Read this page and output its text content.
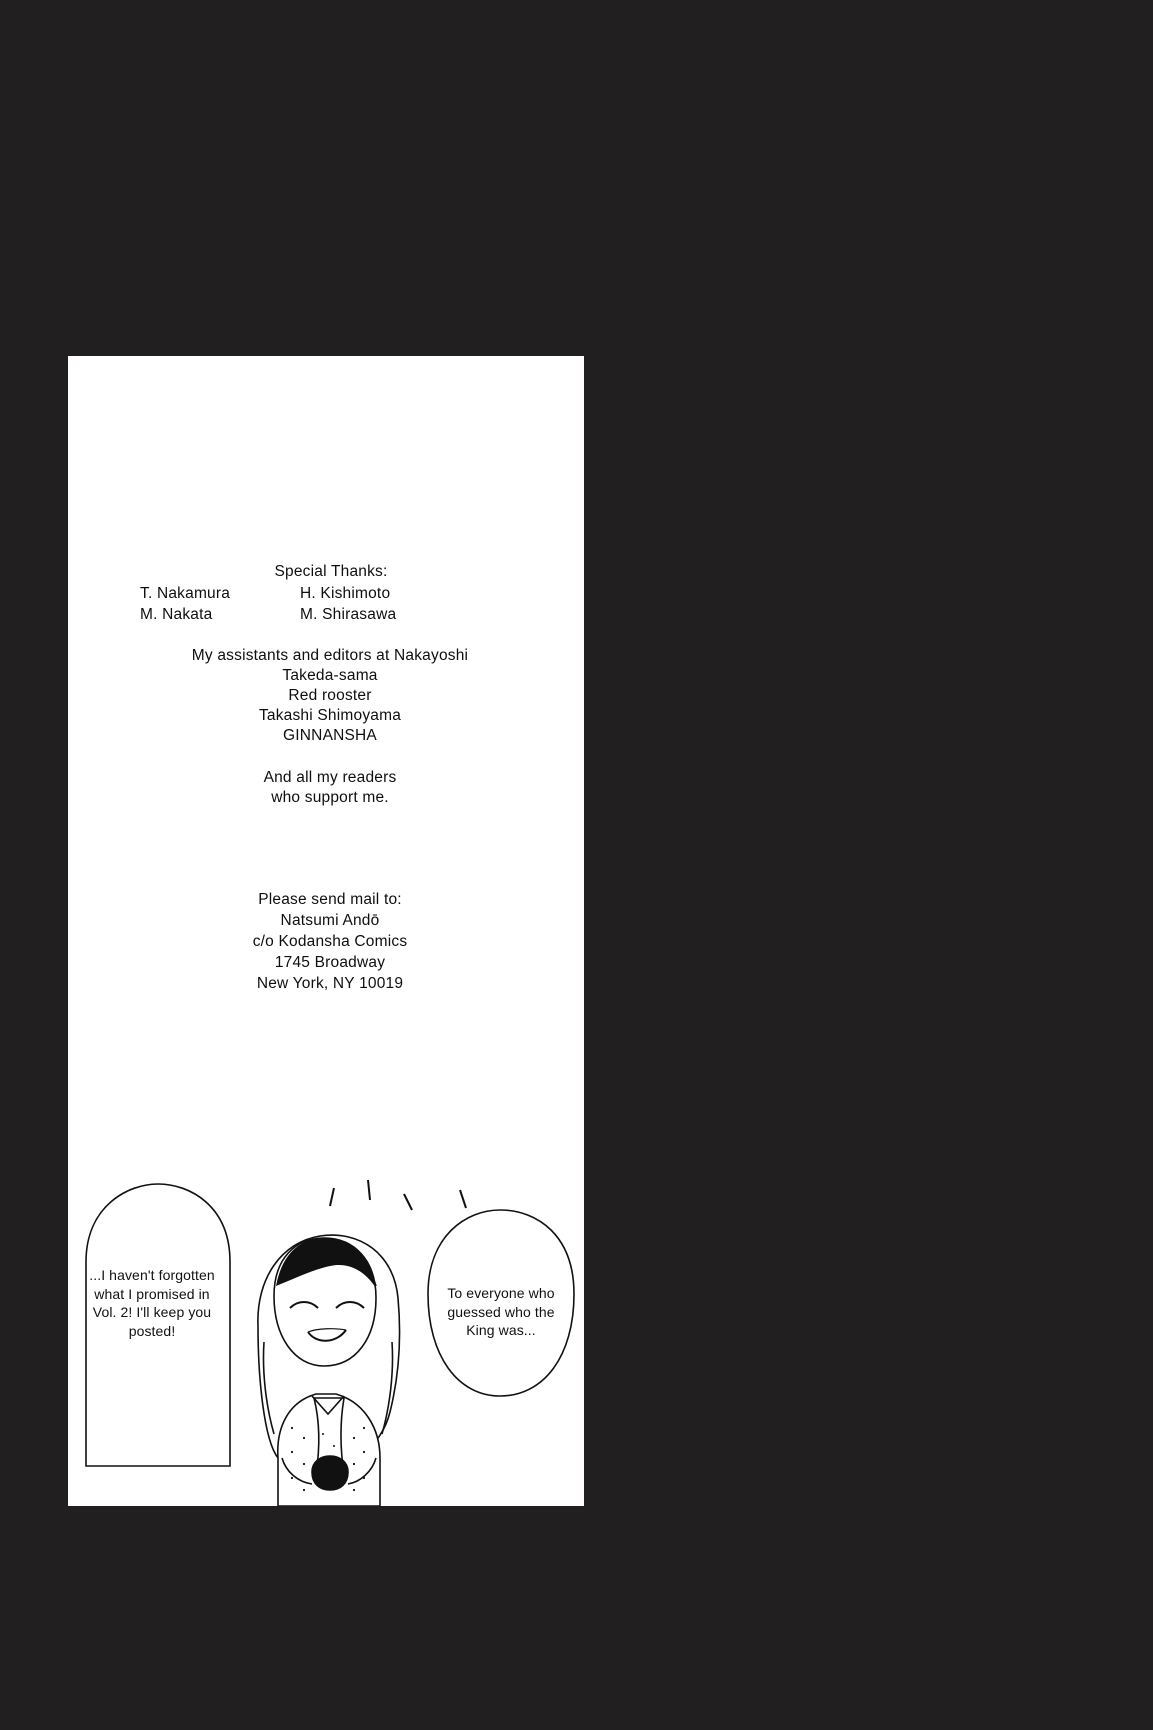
Special Thanks:
T. Nakamura	H. Kishimoto
M. Nakata	M. Shirasawa
My assistants and editors at Nakayoshi
Takeda-sama
Red rooster
Takashi Shimoyama
GINNANSHA
And all my readers
who support me.
Please send mail to:
Natsumi Andō
c/o Kodansha Comics
1745 Broadway
New York, NY 10019
...I haven't forgotten what I promised in Vol. 2! I'll keep you posted!
To everyone who guessed who the King was...
